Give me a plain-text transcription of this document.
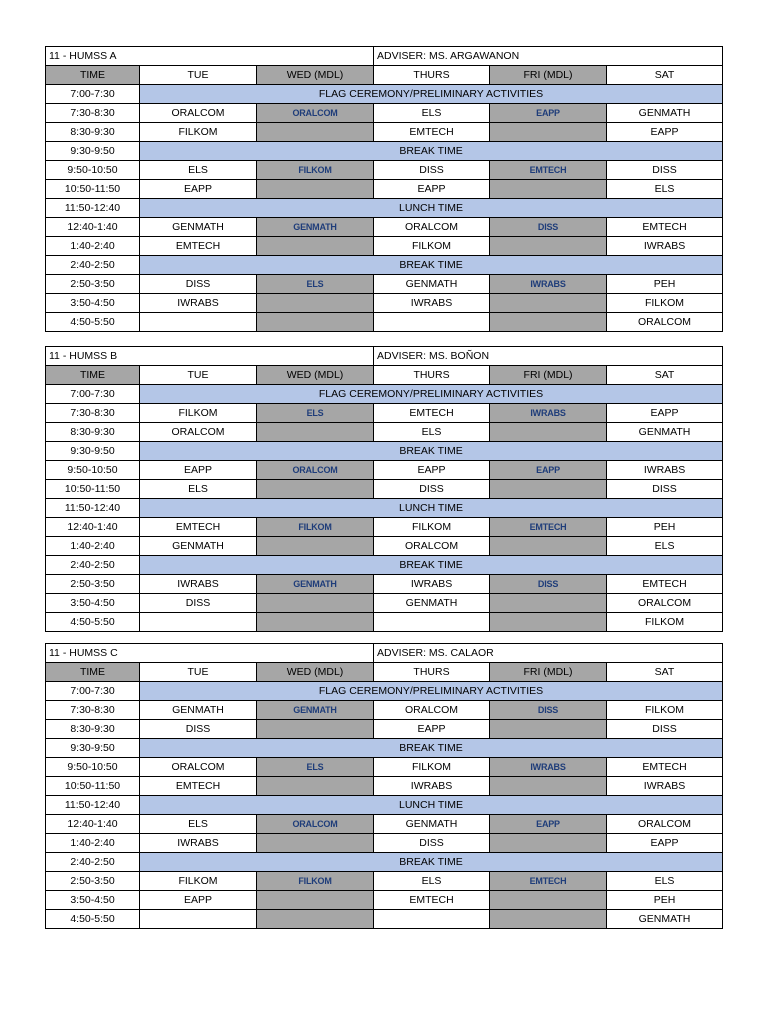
11 - HUMSS A			ADVISER: MS. ARGAWANON		
TIME	TUE	WED (MDL)	THURS	FRI (MDL)	SAT
7:00-7:30	FLAG CEREMONY/PRELIMINARY ACTIVITIES				
7:30-8:30	ORALCOM	ORALCOM	ELS	EAPP	GENMATH
8:30-9:30	FILKOM		EMTECH		EAPP
9:30-9:50	BREAK TIME				
9:50-10:50	ELS	FILKOM	DISS	EMTECH	DISS
10:50-11:50	EAPP		EAPP		ELS
11:50-12:40	LUNCH TIME				
12:40-1:40	GENMATH	GENMATH	ORALCOM	DISS	EMTECH
1:40-2:40	EMTECH		FILKOM		IWRABS
2:40-2:50	BREAK TIME				
2:50-3:50	DISS	ELS	GENMATH	IWRABS	PEH
3:50-4:50	IWRABS		IWRABS		FILKOM
4:50-5:50					ORALCOM
11 - HUMSS B			ADVISER: MS. BOÑON		
TIME	TUE	WED (MDL)	THURS	FRI (MDL)	SAT
7:00-7:30	FLAG CEREMONY/PRELIMINARY ACTIVITIES				
7:30-8:30	FILKOM	ELS	EMTECH	IWRABS	EAPP
8:30-9:30	ORALCOM		ELS		GENMATH
9:30-9:50	BREAK TIME				
9:50-10:50	EAPP	ORALCOM	EAPP	EAPP	IWRABS
10:50-11:50	ELS		DISS		DISS
11:50-12:40	LUNCH TIME				
12:40-1:40	EMTECH	FILKOM	FILKOM	EMTECH	PEH
1:40-2:40	GENMATH		ORALCOM		ELS
2:40-2:50	BREAK TIME				
2:50-3:50	IWRABS	GENMATH	IWRABS	DISS	EMTECH
3:50-4:50	DISS		GENMATH		ORALCOM
4:50-5:50					FILKOM
11 - HUMSS C			ADVISER: MS. CALAOR		
TIME	TUE	WED (MDL)	THURS	FRI (MDL)	SAT
7:00-7:30	FLAG CEREMONY/PRELIMINARY ACTIVITIES				
7:30-8:30	GENMATH	GENMATH	ORALCOM	DISS	FILKOM
8:30-9:30	DISS		EAPP		DISS
9:30-9:50	BREAK TIME				
9:50-10:50	ORALCOM	ELS	FILKOM	IWRABS	EMTECH
10:50-11:50	EMTECH		IWRABS		IWRABS
11:50-12:40	LUNCH TIME				
12:40-1:40	ELS	ORALCOM	GENMATH	EAPP	ORALCOM
1:40-2:40	IWRABS		DISS		EAPP
2:40-2:50	BREAK TIME				
2:50-3:50	FILKOM	FILKOM	ELS	EMTECH	ELS
3:50-4:50	EAPP		EMTECH		PEH
4:50-5:50					GENMATH
